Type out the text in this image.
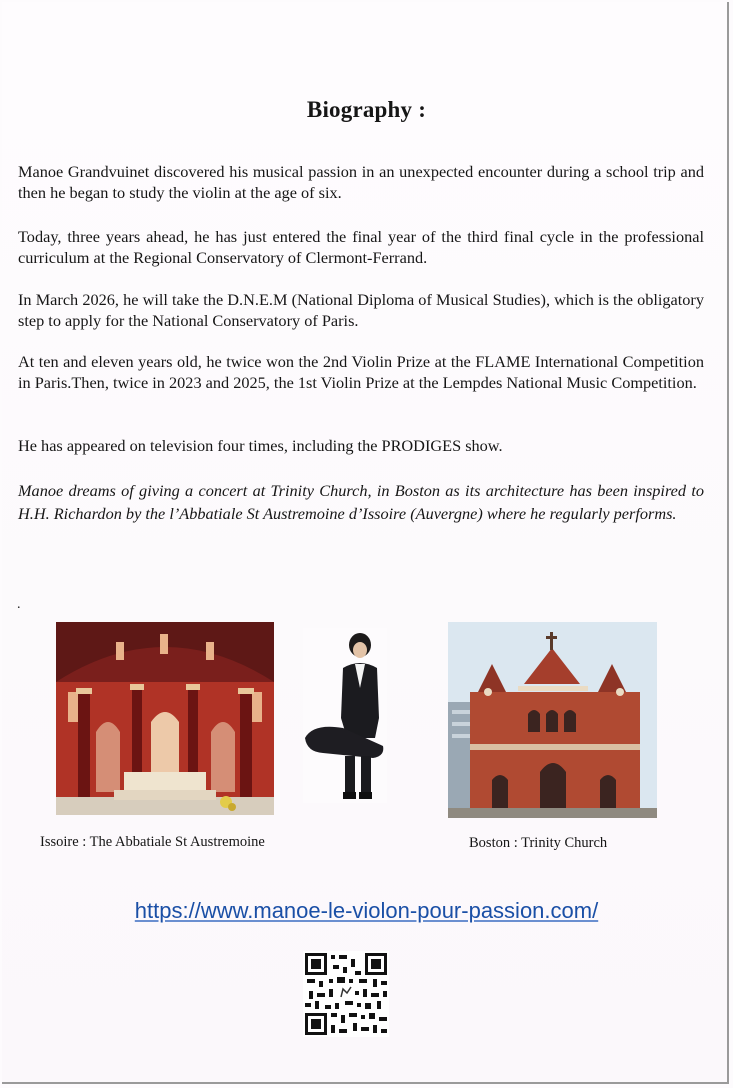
Biography :

Manoe Grandvuinet discovered his musical passion in an unexpected encounter during a school trip and then he began to study the violin at the age of six.

Today, three years ahead, he has just entered the final year of the third final cycle in the professional curriculum at the Regional Conservatory of Clermont-Ferrand.

In March 2026, he will take the D.N.E.M (National Diploma of Musical Studies), which is the obligatory step to apply for the National Conservatory of Paris.

At ten and eleven years old, he twice won the 2nd Violin Prize at the FLAME International Competition in Paris.Then, twice in 2023 and 2025, the 1st Violin Prize at the Lempdes National Music Competition.

He has appeared on television four times, including the PRODIGES show.

Manoe dreams of giving a concert at Trinity Church, in Boston as its architecture has been inspired to H.H. Richardon by the l’Abbatiale St Austremoine d’Issoire (Auvergne) where he regularly performs.

.
Issoire : The Abbatiale St Austremoine	Boston : Trinity Church
https://www.manoe-le-violon-pour-passion.com/
